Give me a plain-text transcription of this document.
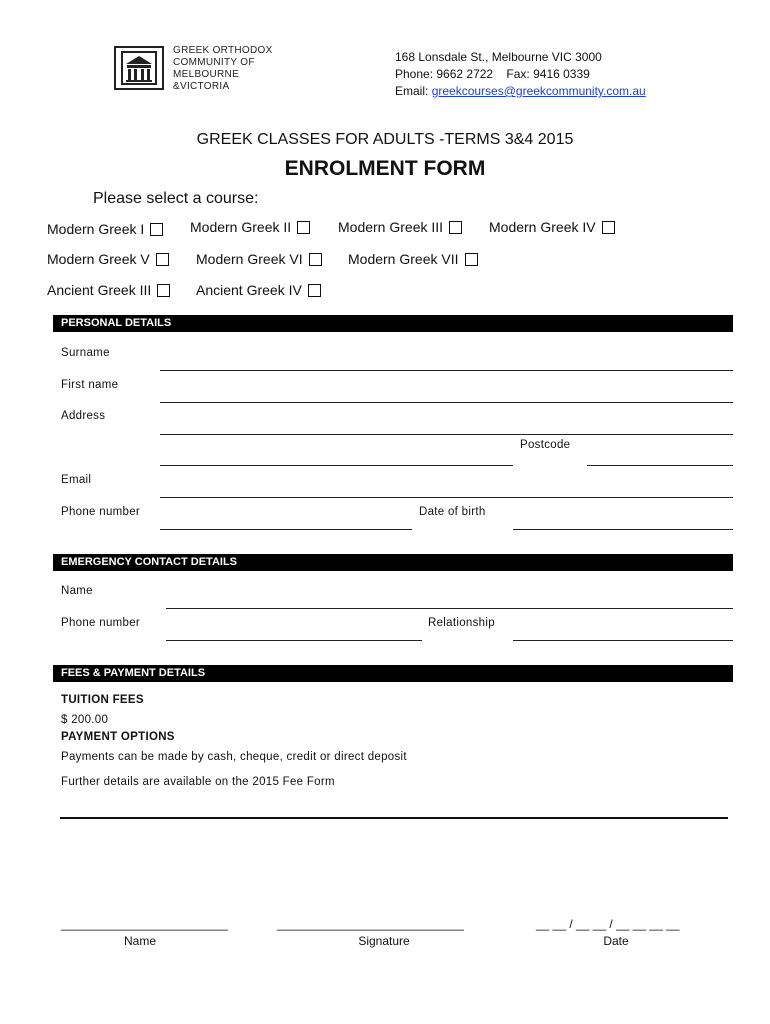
GREEK ORTHODOX
COMMUNITY OF
MELBOURNE
&VICTORIA
168 Lonsdale St., Melbourne VIC 3000
Phone: 9662 2722    Fax: 9416 0339
Email: greekcourses@greekcommunity.com.au
GREEK CLASSES FOR ADULTS -TERMS 3&4 2015
ENROLMENT FORM
Please select a course:
Modern Greek I	Modern Greek II	Modern Greek III	Modern Greek IV
Modern Greek V	Modern Greek VI	Modern Greek VII
Ancient Greek III	Ancient Greek IV
PERSONAL DETAILS
Surname
First name
Address
Postcode
Email
Phone number	Date of birth
EMERGENCY CONTACT DETAILS
Name
Phone number	Relationship
FEES & PAYMENT DETAILS
TUITION FEES
$ 200.00
PAYMENT OPTIONS
Payments can be made by cash, cheque, credit or direct deposit
Further details are available on the 2015 Fee Form
_________________________	____________________________	__ __ / __ __ / __ __ __ __
Name	Signature	Date
